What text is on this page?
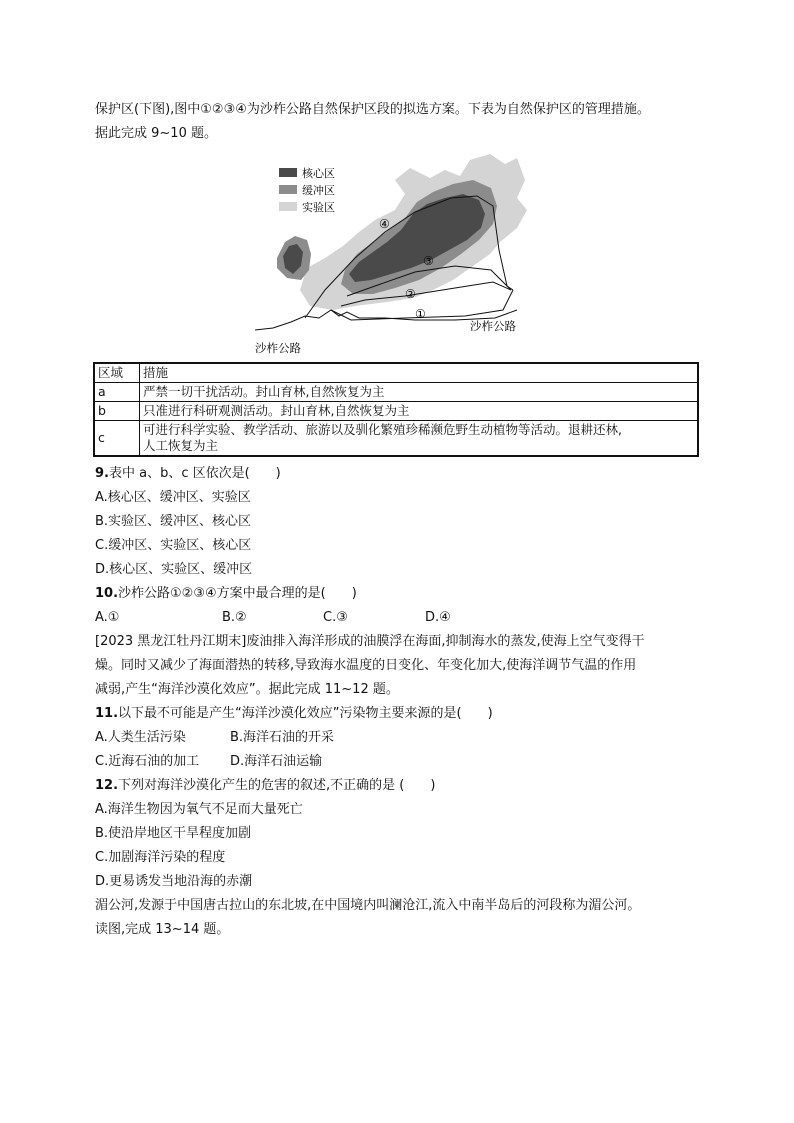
保护区(下图),图中①②③④为沙柞公路自然保护区段的拟选方案。下表为自然保护区的管理措施。
据此完成 9~10 题。
④
③
②
①
沙柞公路
沙柞公路
核心区
缓冲区
实验区
区域	措施
a	严禁一切干扰活动。封山育林,自然恢复为主
b	只准进行科研观测活动。封山育林,自然恢复为主
c	可进行科学实验、教学活动、旅游以及驯化繁殖珍稀濒危野生动植物等活动。退耕还林,
人工恢复为主
9.表中 a、b、c 区依次是(　　)
A.核心区、缓冲区、实验区
B.实验区、缓冲区、核心区
C.缓冲区、实验区、核心区
D.核心区、实验区、缓冲区
10.沙柞公路①②③④方案中最合理的是(　　)
A.①	B.②	C.③	D.④
[2023 黑龙江牡丹江期末]废油排入海洋形成的油膜浮在海面,抑制海水的蒸发,使海上空气变得干
燥。同时又减少了海面潜热的转移,导致海水温度的日变化、年变化加大,使海洋调节气温的作用
减弱,产生“海洋沙漠化效应”。据此完成 11~12 题。
11.以下最不可能是产生“海洋沙漠化效应”污染物主要来源的是(　　)
A.人类生活污染	B.海洋石油的开采
C.近海石油的加工 D.海洋石油运输
12.下列对海洋沙漠化产生的危害的叙述,不正确的是 (　　)
A.海洋生物因为氧气不足而大量死亡
B.使沿岸地区干旱程度加剧
C.加剧海洋污染的程度
D.更易诱发当地沿海的赤潮
湄公河,发源于中国唐古拉山的东北坡,在中国境内叫澜沧江,流入中南半岛后的河段称为湄公河。
读图,完成 13~14 题。
